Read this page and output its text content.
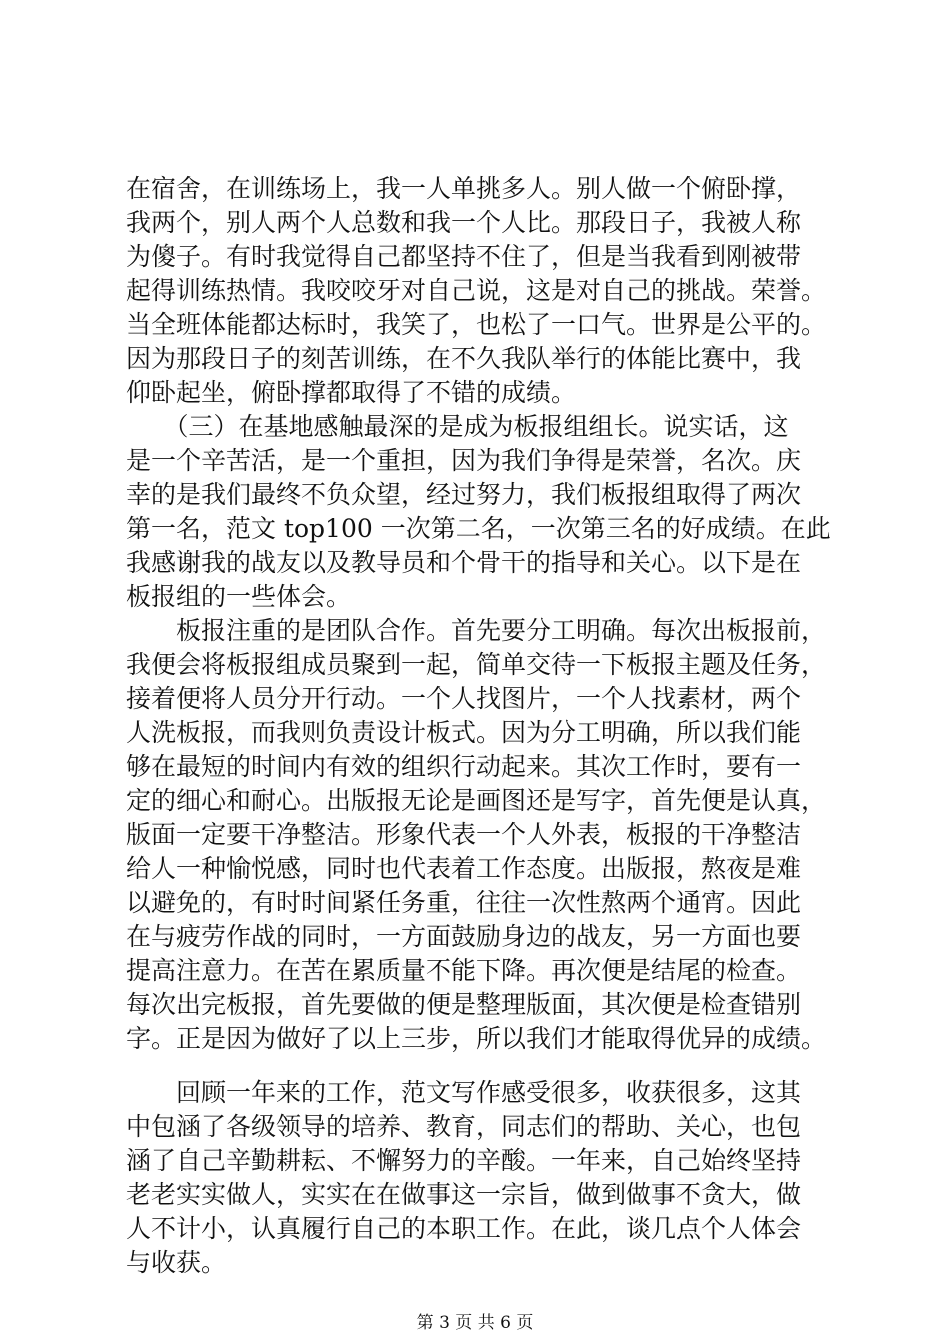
在宿舍，在训练场上，我一人单挑多人。别人做一个俯卧撑，
我两个，别人两个人总数和我一个人比。那段日子，我被人称
为傻子。有时我觉得自己都坚持不住了，但是当我看到刚被带
起得训练热情。我咬咬牙对自己说，这是对自己的挑战。荣誉。
当全班体能都达标时，我笑了，也松了一口气。世界是公平的。
因为那段日子的刻苦训练，在不久我队举行的体能比赛中，我
仰卧起坐，俯卧撑都取得了不错的成绩。
　　（三）在基地感触最深的是成为板报组组长。说实话，这
是一个辛苦活，是一个重担，因为我们争得是荣誉，名次。庆
幸的是我们最终不负众望，经过努力，我们板报组取得了两次
第一名，范文 top100 一次第二名，一次第三名的好成绩。在此
我感谢我的战友以及教导员和个骨干的指导和关心。以下是在
板报组的一些体会。
　　板报注重的是团队合作。首先要分工明确。每次出板报前，
我便会将板报组成员聚到一起，简单交待一下板报主题及任务，
接着便将人员分开行动。一个人找图片，一个人找素材，两个
人洗板报，而我则负责设计板式。因为分工明确，所以我们能
够在最短的时间内有效的组织行动起来。其次工作时，要有一
定的细心和耐心。出版报无论是画图还是写字，首先便是认真，
版面一定要干净整洁。形象代表一个人外表，板报的干净整洁
给人一种愉悦感，同时也代表着工作态度。出版报，熬夜是难
以避免的，有时时间紧任务重，往往一次性熬两个通宵。因此
在与疲劳作战的同时，一方面鼓励身边的战友，另一方面也要
提高注意力。在苦在累质量不能下降。再次便是结尾的检查。
每次出完板报，首先要做的便是整理版面，其次便是检查错别
字。正是因为做好了以上三步，所以我们才能取得优异的成绩。
　　回顾一年来的工作，范文写作感受很多，收获很多，这其
中包涵了各级领导的培养、教育，同志们的帮助、关心，也包
涵了自己辛勤耕耘、不懈努力的辛酸。一年来，自己始终坚持
老老实实做人，实实在在做事这一宗旨，做到做事不贪大，做
人不计小，认真履行自己的本职工作。在此，谈几点个人体会
与收获。
第 3 页 共 6 页
